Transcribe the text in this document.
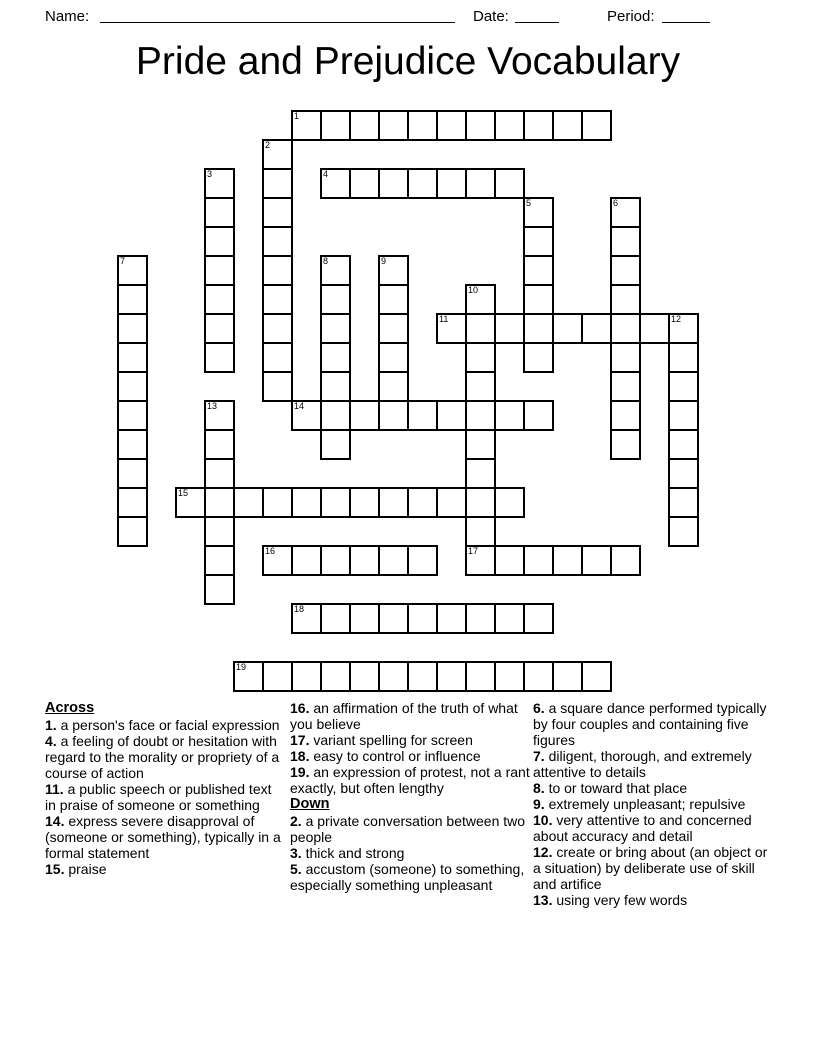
Name:	Date:	Period:
Pride and Prejudice Vocabulary
1
2
3	4
5	6
7	8	9
10
17
11	12
13	14
15
16
18
19
Across
1. a person's face or facial expression
4. a feeling of doubt or hesitation with regard to the morality or propriety of a course of action
11. a public speech or published text in praise of someone or something
14. express severe disapproval of (someone or something), typically in a formal statement
15. praise
16. an affirmation of the truth of what you believe
17. variant spelling for screen
18. easy to control or influence
19. an expression of protest, not a rant exactly, but often lengthy
Down
2. a private conversation between two people
3. thick and strong
5. accustom (someone) to something, especially something unpleasant
6. a square dance performed typically by four couples and containing five figures
7. diligent, thorough, and extremely attentive to details
8. to or toward that place
9. extremely unpleasant; repulsive
10. very attentive to and concerned about accuracy and detail
12. create or bring about (an object or a situation) by deliberate use of skill and artifice
13. using very few words
